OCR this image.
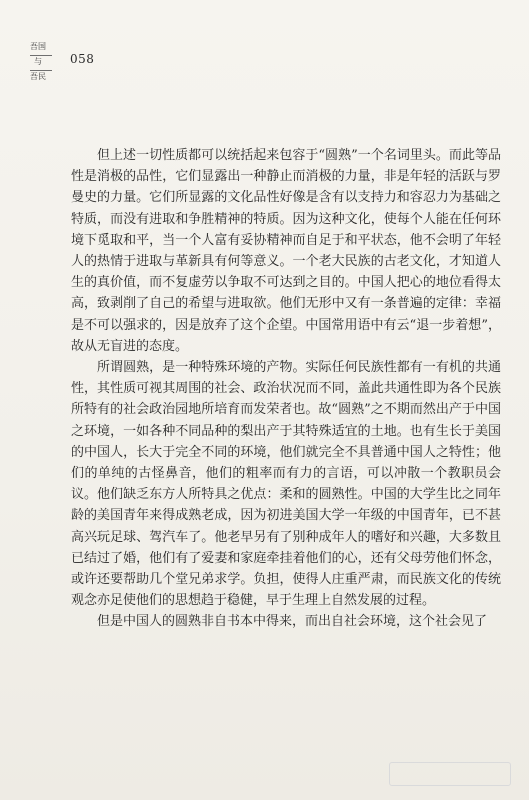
吾国
与
吾民
058

但上述一切性质都可以统括起来包容于“圆熟”一个名词里头。而此等品性是消极的品性，它们显露出一种静止而消极的力量，非是年轻的活跃与罗曼史的力量。它们所显露的文化品性好像是含有以支持力和容忍力为基础之特质，而没有进取和争胜精神的特质。因为这种文化，使每个人能在任何环境下觅取和平，当一个人富有妥协精神而自足于和平状态，他不会明了年轻人的热情于进取与革新具有何等意义。一个老大民族的古老文化，才知道人生的真价值，而不复虚劳以争取不可达到之目的。中国人把心的地位看得太高，致剥削了自己的希望与进取欲。他们无形中又有一条普遍的定律：幸福是不可以强求的，因是放弃了这个企望。中国常用语中有云“退一步着想”，故从无盲进的态度。

所谓圆熟，是一种特殊环境的产物。实际任何民族性都有一有机的共通性，其性质可视其周围的社会、政治状况而不同，盖此共通性即为各个民族所特有的社会政治园地所培育而发荣者也。故“圆熟”之不期而然出产于中国之环境，一如各种不同品种的梨出产于其特殊适宜的土地。也有生长于美国的中国人，长大于完全不同的环境，他们就完全不具普通中国人之特性；他们的单纯的古怪鼻音，他们的粗率而有力的言语，可以冲散一个教职员会议。他们缺乏东方人所特具之优点：柔和的圆熟性。中国的大学生比之同年龄的美国青年来得成熟老成，因为初进美国大学一年级的中国青年，已不甚高兴玩足球、驾汽车了。他老早另有了别种成年人的嗜好和兴趣，大多数且已结过了婚，他们有了爱妻和家庭牵挂着他们的心，还有父母劳他们怀念，或许还要帮助几个堂兄弟求学。负担，使得人庄重严肃，而民族文化的传统观念亦足使他们的思想趋于稳健，早于生理上自然发展的过程。

但是中国人的圆熟非自书本中得来，而出自社会环境，这个社会见了
